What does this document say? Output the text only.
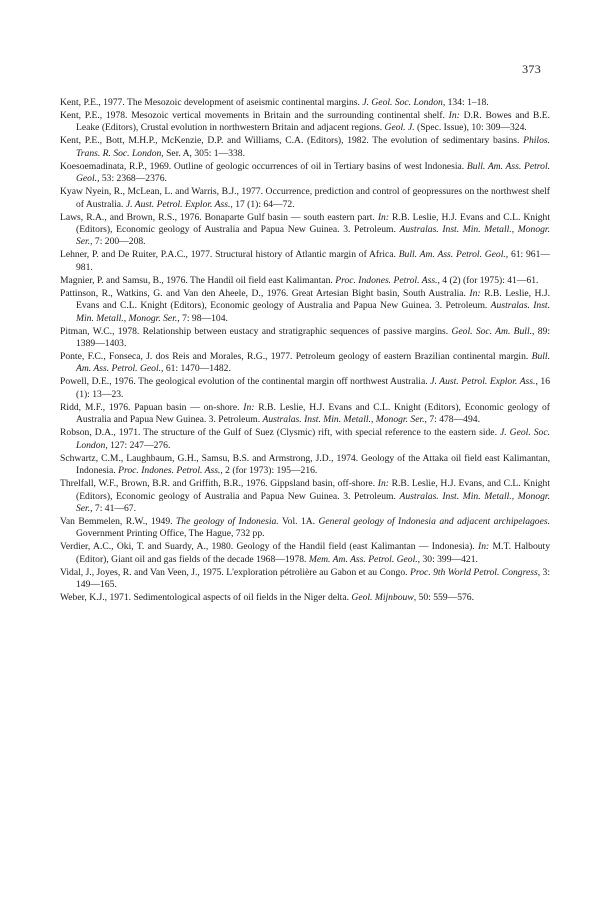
373

Kent, P.E., 1977. The Mesozoic development of aseismic continental margins. J. Geol. Soc. London, 134: 1–18.

Kent, P.E., 1978. Mesozoic vertical movements in Britain and the surrounding continental shelf. In: D.R. Bowes and B.E. Leake (Editors), Crustal evolution in northwestern Britain and adjacent regions. Geol. J. (Spec. Issue), 10: 309—324.

Kent, P.E., Bott, M.H.P., McKenzie, D.P. and Williams, C.A. (Editors), 1982. The evolution of sedimentary basins. Philos. Trans. R. Soc. London, Ser. A, 305: 1—338.

Koesoemadinata, R.P., 1969. Outline of geologic occurrences of oil in Tertiary basins of west Indonesia. Bull. Am. Ass. Petrol. Geol., 53: 2368—2376.

Kyaw Nyein, R., McLean, L. and Warris, B.J., 1977. Occurrence, prediction and control of geopressures on the northwest shelf of Australia. J. Aust. Petrol. Explor. Ass., 17 (1): 64—72.

Laws, R.A., and Brown, R.S., 1976. Bonaparte Gulf basin — south eastern part. In: R.B. Leslie, H.J. Evans and C.L. Knight (Editors), Economic geology of Australia and Papua New Guinea. 3. Petroleum. Australas. Inst. Min. Metall., Monogr. Ser., 7: 200—208.

Lehner, P. and De Ruiter, P.A.C., 1977. Structural history of Atlantic margin of Africa. Bull. Am. Ass. Petrol. Geol., 61: 961—981.

Magnier, P. and Samsu, B., 1976. The Handil oil field east Kalimantan. Proc. Indones. Petrol. Ass., 4 (2) (for 1975): 41—61.

Pattinson, R., Watkins, G. and Van den Aheele, D., 1976. Great Artesian Bight basin, South Australia. In: R.B. Leslie, H.J. Evans and C.L. Knight (Editors), Economic geology of Australia and Papua New Guinea. 3. Petroleum. Australas. Inst. Min. Metall., Monogr. Ser., 7: 98—104.

Pitman, W.C., 1978. Relationship between eustacy and stratigraphic sequences of passive margins. Geol. Soc. Am. Bull., 89: 1389—1403.

Ponte, F.C., Fonseca, J. dos Reis and Morales, R.G., 1977. Petroleum geology of eastern Brazilian continental margin. Bull. Am. Ass. Petrol. Geol., 61: 1470—1482.

Powell, D.E., 1976. The geological evolution of the continental margin off northwest Australia. J. Aust. Petrol. Explor. Ass., 16 (1): 13—23.

Ridd, M.F., 1976. Papuan basin — on-shore. In: R.B. Leslie, H.J. Evans and C.L. Knight (Editors), Economic geology of Australia and Papua New Guinea. 3. Petroleum. Australas. Inst. Min. Metall., Monogr. Ser., 7: 478—494.

Robson, D.A., 1971. The structure of the Gulf of Suez (Clysmic) rift, with special reference to the eastern side. J. Geol. Soc. London, 127: 247—276.

Schwartz, C.M., Laughbaum, G.H., Samsu, B.S. and Armstrong, J.D., 1974. Geology of the Attaka oil field east Kalimantan, Indonesia. Proc. Indones. Petrol. Ass., 2 (for 1973): 195—216.

Threlfall, W.F., Brown, B.R. and Griffith, B.R., 1976. Gippsland basin, off-shore. In: R.B. Leslie, H.J. Evans, and C.L. Knight (Editors), Economic geology of Australia and Papua New Guinea. 3. Petroleum. Australas. Inst. Min. Metall., Monogr. Ser., 7: 41—67.

Van Bemmelen, R.W., 1949. The geology of Indonesia. Vol. 1A. General geology of Indonesia and adjacent archipelagoes. Government Printing Office, The Hague, 732 pp.

Verdier, A.C., Oki, T. and Suardy, A., 1980. Geology of the Handil field (east Kalimantan — Indonesia). In: M.T. Halbouty (Editor), Giant oil and gas fields of the decade 1968—1978. Mem. Am. Ass. Petrol. Geol., 30: 399—421.

Vidal, J., Joyes, R. and Van Veen, J., 1975. L'exploration pétrolière au Gabon et au Congo. Proc. 9th World Petrol. Congress, 3: 149—165.

Weber, K.J., 1971. Sedimentological aspects of oil fields in the Niger delta. Geol. Mijnbouw, 50: 559—576.
